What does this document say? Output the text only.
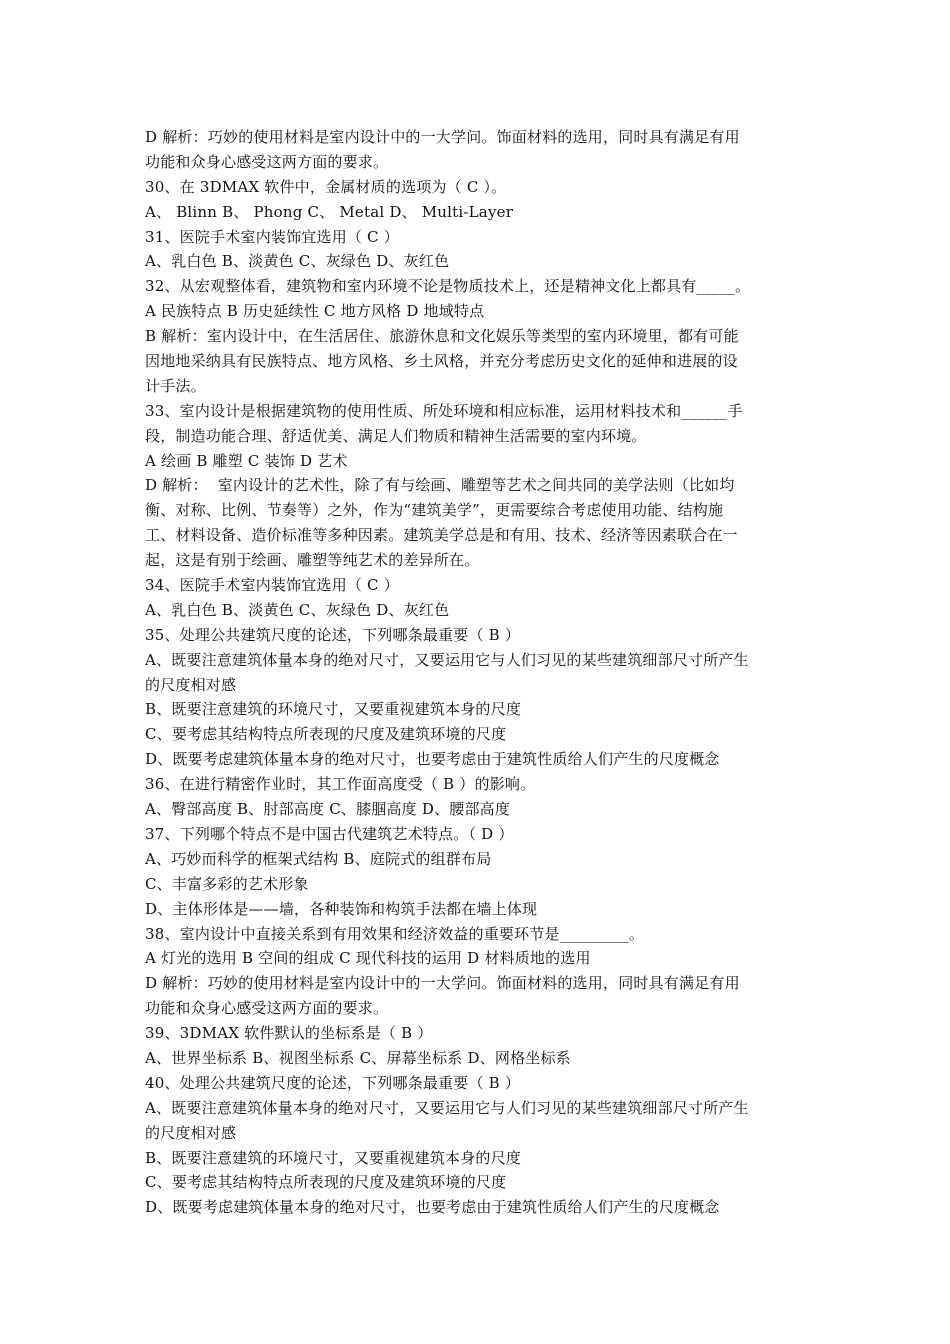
D 解析：巧妙的使用材料是室内设计中的一大学问。饰面材料的选用，同时具有满足有用
功能和众身心感受这两方面的要求。
30、在 3DMAX 软件中，金属材质的选项为（ C ）。
A、 Blinn B、 Phong C、 Metal D、 Multi-Layer
31、医院手术室内装饰宜选用（ C ）
A、乳白色 B、淡黄色 C、灰绿色 D、灰红色
32、从宏观整体看，建筑物和室内环境不论是物质技术上，还是精神文化上都具有_____。
A 民族特点 B 历史延续性 C 地方风格 D 地域特点
B 解析：室内设计中，在生活居住、旅游休息和文化娱乐等类型的室内环境里，都有可能
因地地采纳具有民族特点、地方风格、乡土风格，并充分考虑历史文化的延伸和进展的设
计手法。
33、室内设计是根据建筑物的使用性质、所处环境和相应标准，运用材料技术和______手
段，制造功能合理、舒适优美、满足人们物质和精神生活需要的室内环境。
A 绘画 B 雕塑 C 装饰 D 艺术
D 解析：  室内设计的艺术性，除了有与绘画、雕塑等艺术之间共同的美学法则（比如均
衡、对称、比例、节奏等）之外，作为“建筑美学”，更需要综合考虑使用功能、结构施
工、材料设备、造价标准等多种因素。建筑美学总是和有用、技术、经济等因素联合在一
起，这是有别于绘画、雕塑等纯艺术的差异所在。
34、医院手术室内装饰宜选用（ C ）
A、乳白色 B、淡黄色 C、灰绿色 D、灰红色
35、处理公共建筑尺度的论述，下列哪条最重要（ B ）
A、既要注意建筑体量本身的绝对尺寸，又要运用它与人们习见的某些建筑细部尺寸所产生
的尺度相对感
B、既要注意建筑的环境尺寸，又要重视建筑本身的尺度
C、要考虑其结构特点所表现的尺度及建筑环境的尺度
D、既要考虑建筑体量本身的绝对尺寸，也要考虑由于建筑性质给人们产生的尺度概念
36、在进行精密作业时，其工作面高度受（ B ）的影响。
A、臀部高度 B、肘部高度 C、膝腘高度 D、腰部高度
37、下列哪个特点不是中国古代建筑艺术特点。（ D ）
A、巧妙而科学的框架式结构 B、庭院式的组群布局
C、丰富多彩的艺术形象
D、主体形体是——墙，各种装饰和构筑手法都在墙上体现
38、室内设计中直接关系到有用效果和经济效益的重要环节是_________。
A 灯光的选用 B 空间的组成 C 现代科技的运用 D 材料质地的选用
D 解析：巧妙的使用材料是室内设计中的一大学问。饰面材料的选用，同时具有满足有用
功能和众身心感受这两方面的要求。
39、3DMAX 软件默认的坐标系是（ B ）
A、世界坐标系 B、视图坐标系 C、屏幕坐标系 D、网格坐标系
40、处理公共建筑尺度的论述，下列哪条最重要（ B ）
A、既要注意建筑体量本身的绝对尺寸，又要运用它与人们习见的某些建筑细部尺寸所产生
的尺度相对感
B、既要注意建筑的环境尺寸，又要重视建筑本身的尺度
C、要考虑其结构特点所表现的尺度及建筑环境的尺度
D、既要考虑建筑体量本身的绝对尺寸，也要考虑由于建筑性质给人们产生的尺度概念
